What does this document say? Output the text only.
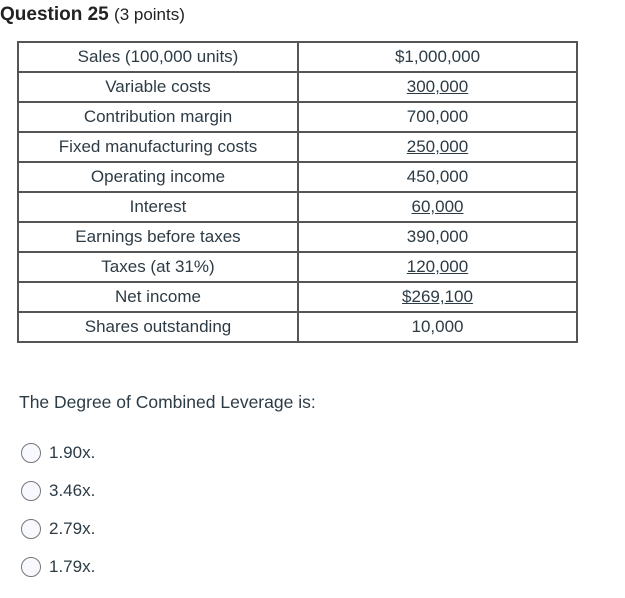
Question 25 (3 points)
Sales (100,000 units)	$1,000,000
Variable costs	300,000
Contribution margin	700,000
Fixed manufacturing costs	250,000
Operating income	450,000
Interest	60,000
Earnings before taxes	390,000
Taxes (at 31%)	120,000
Net income	$269,100
Shares outstanding	10,000
The Degree of Combined Leverage is:
1.90x.
3.46x.
2.79x.
1.79x.
